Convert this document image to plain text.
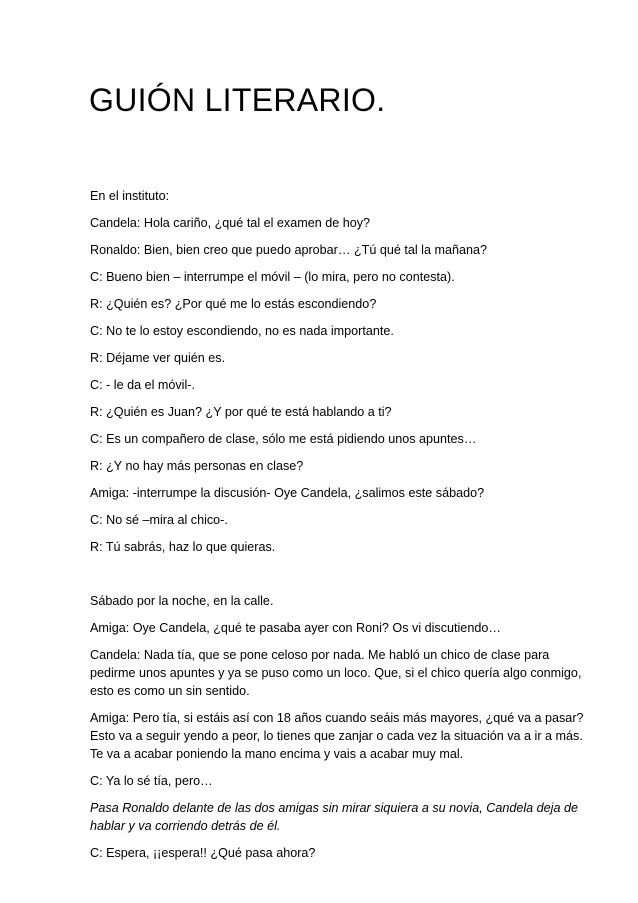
GUIÓN LITERARIO.

En el instituto:

Candela: Hola cariño, ¿qué tal el examen de hoy?

Ronaldo: Bien, bien creo que puedo aprobar… ¿Tú qué tal la mañana?

C: Bueno bien – interrumpe el móvil – (lo mira, pero no contesta).

R: ¿Quién es? ¿Por qué me lo estás escondiendo?

C: No te lo estoy escondiendo, no es nada importante.

R: Déjame ver quién es.

C: - le da el móvil-.

R: ¿Quién es Juan? ¿Y por qué te está hablando a ti?

C: Es un compañero de clase, sólo me está pidiendo unos apuntes…

R: ¿Y no hay más personas en clase?

Amiga: -interrumpe la discusión- Oye Candela, ¿salimos este sábado?

C: No sé –mira al chico-.

R: Tú sabrás, haz lo que quieras.

Sábado por la noche, en la calle.

Amiga: Oye Candela, ¿qué te pasaba ayer con Roni? Os vi discutiendo…

Candela: Nada tía, que se pone celoso por nada. Me habló un chico de clase para
pedirme unos apuntes y ya se puso como un loco. Que, si el chico quería algo conmigo,
esto es como un sin sentido.

Amiga: Pero tía, si estáis así con 18 años cuando seáis más mayores, ¿qué va a pasar?
Esto va a seguir yendo a peor, lo tienes que zanjar o cada vez la situación va a ir a más.
Te va a acabar poniendo la mano encima y vais a acabar muy mal.

C: Ya lo sé tía, pero…

Pasa Ronaldo delante de las dos amigas sin mirar siquiera a su novia, Candela deja de
hablar y va corriendo detrás de él.

C: Espera, ¡¡espera!! ¿Qué pasa ahora?
